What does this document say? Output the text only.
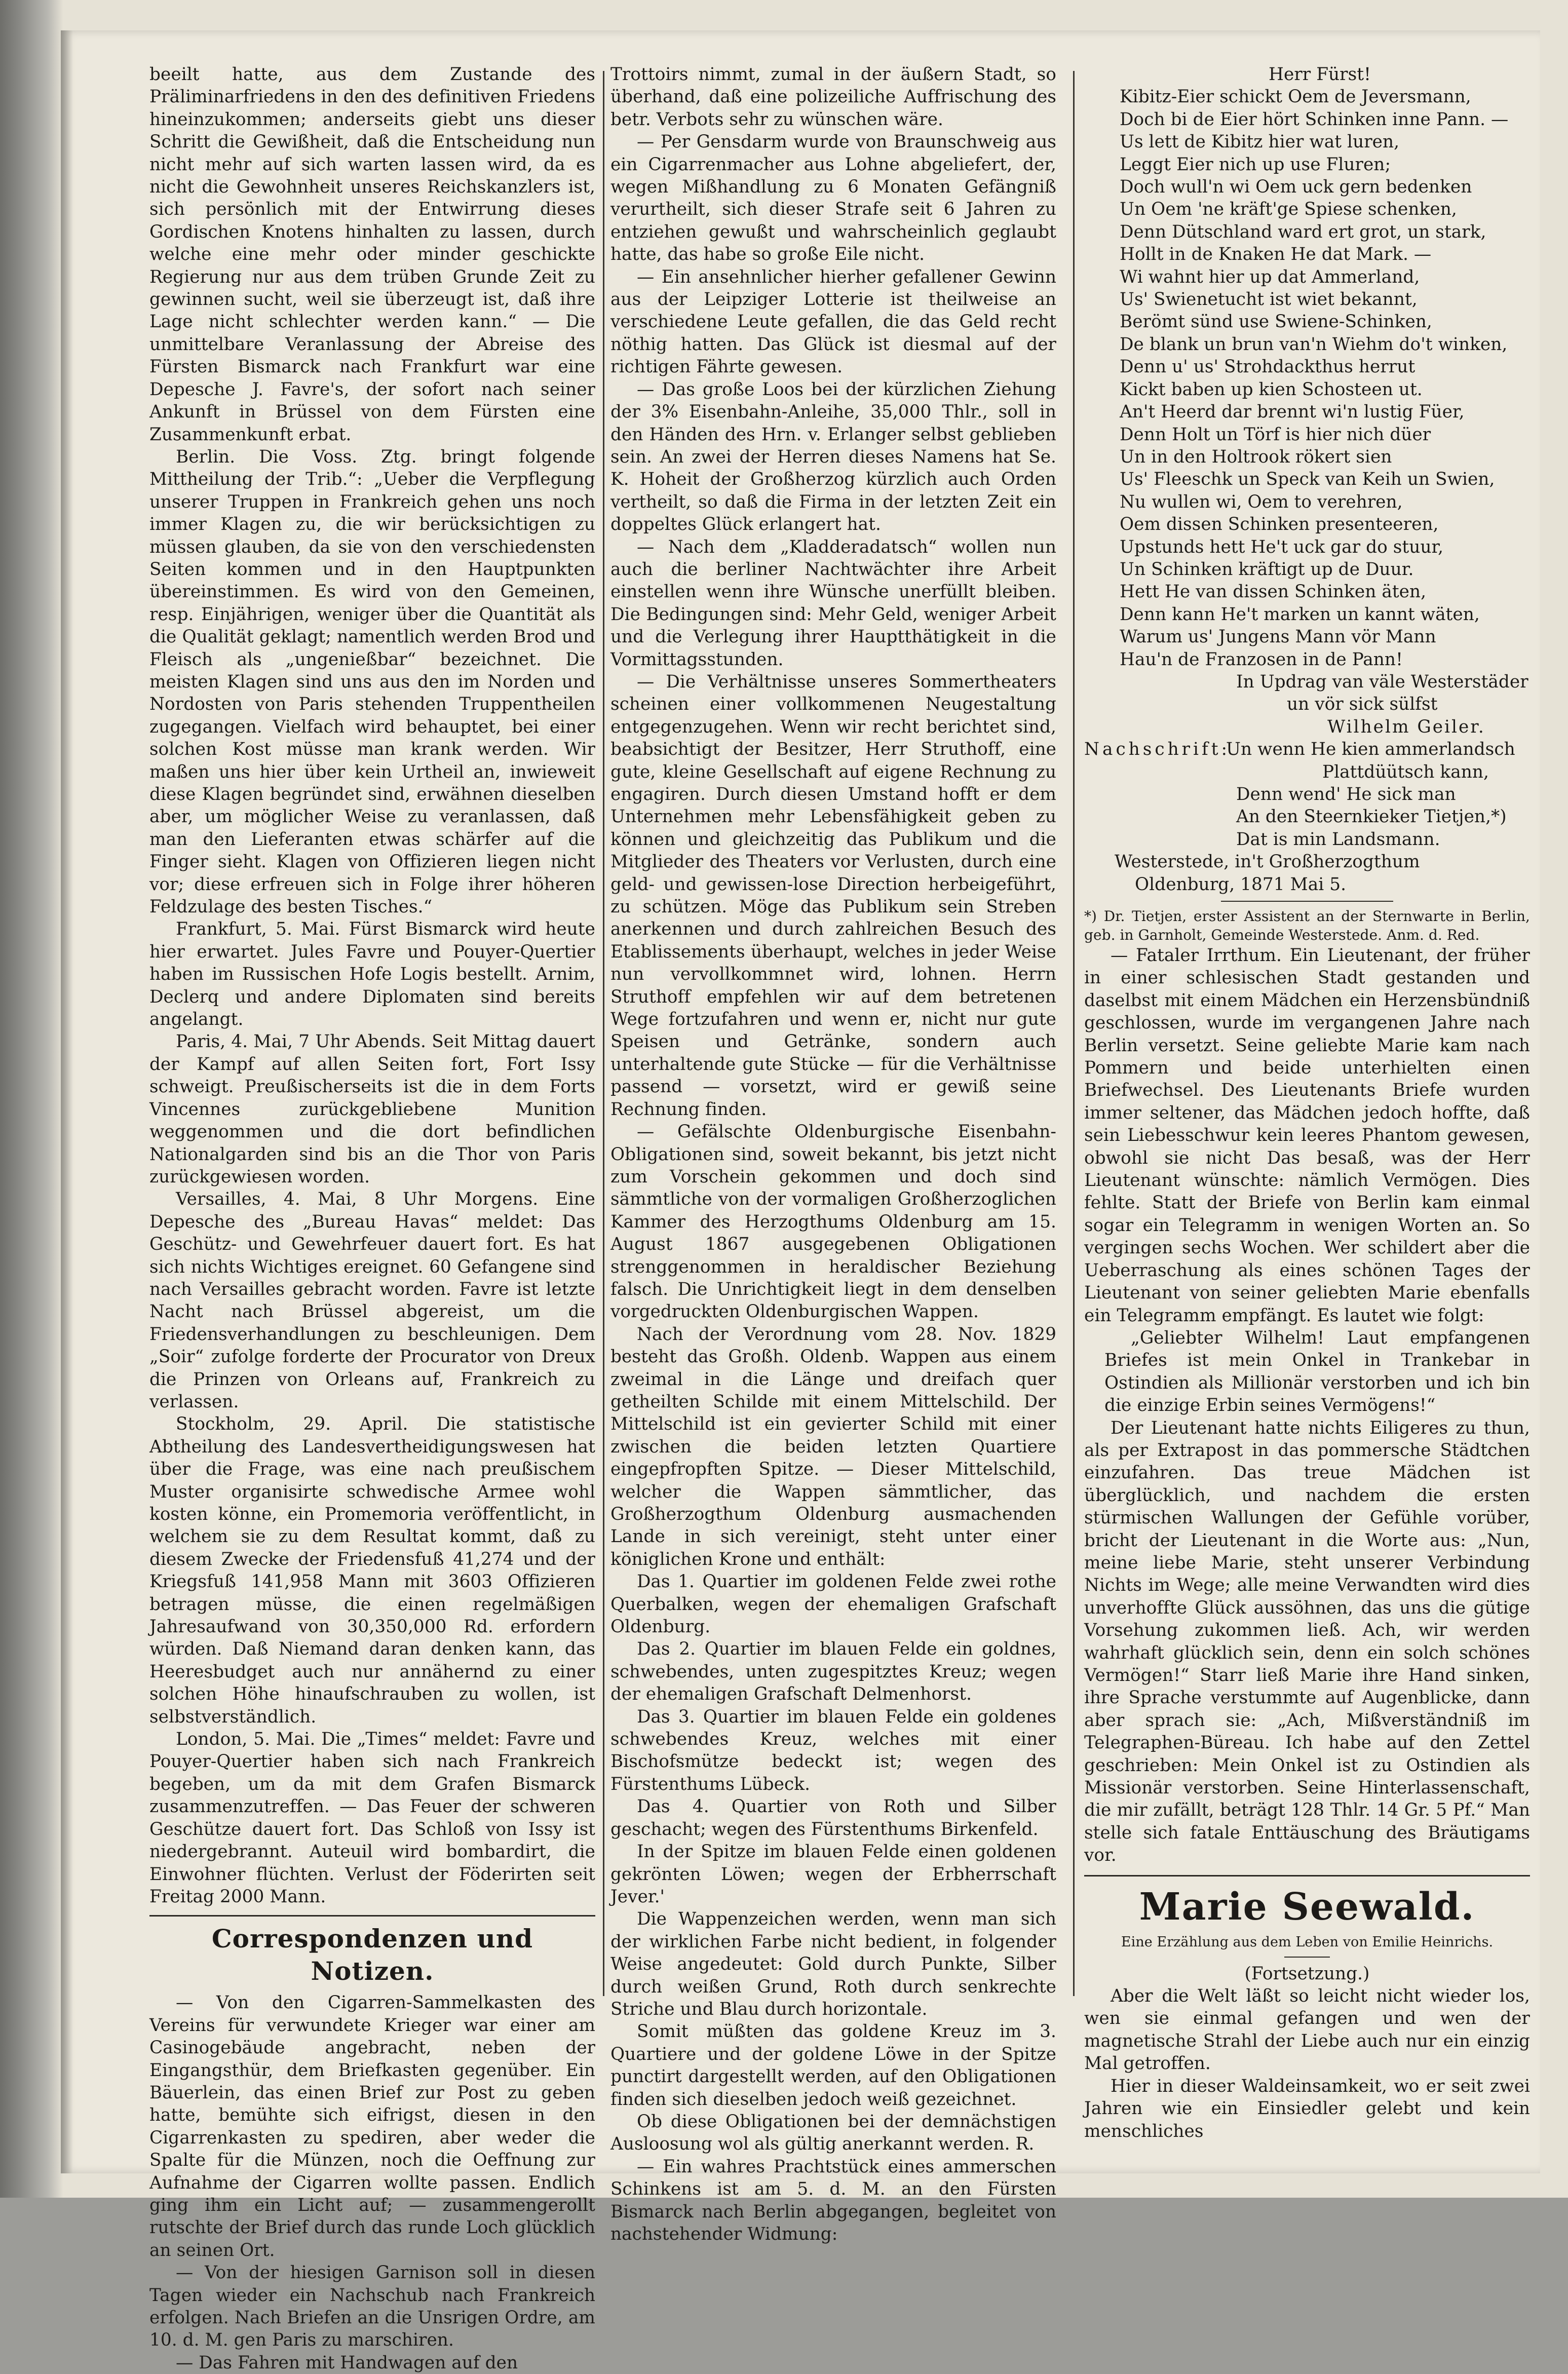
beeilt hatte, aus dem Zustande des Präliminarfriedens in den des definitiven Friedens hineinzukommen; anderseits giebt uns dieser Schritt die Gewißheit, daß die Entscheidung nun nicht mehr auf sich warten lassen wird, da es nicht die Gewohnheit unseres Reichskanzlers ist, sich persönlich mit der Entwirrung dieses Gordischen Knotens hinhalten zu lassen, durch welche eine mehr oder minder geschickte Regierung nur aus dem trüben Grunde Zeit zu gewinnen sucht, weil sie überzeugt ist, daß ihre Lage nicht schlechter werden kann.“ — Die unmittelbare Veranlassung der Abreise des Fürsten Bismarck nach Frankfurt war eine Depesche J. Favre's, der sofort nach seiner Ankunft in Brüssel von dem Fürsten eine Zusammenkunft erbat.

Berlin. Die Voss. Ztg. bringt folgende Mittheilung der Trib.“: „Ueber die Verpflegung unserer Truppen in Frankreich gehen uns noch immer Klagen zu, die wir berücksichtigen zu müssen glauben, da sie von den verschiedensten Seiten kommen und in den Hauptpunkten übereinstimmen. Es wird von den Gemeinen, resp. Einjährigen, weniger über die Quantität als die Qualität geklagt; namentlich werden Brod und Fleisch als „ungenießbar“ bezeichnet. Die meisten Klagen sind uns aus den im Norden und Nordosten von Paris stehenden Truppentheilen zugegangen. Vielfach wird behauptet, bei einer solchen Kost müsse man krank werden. Wir maßen uns hier über kein Urtheil an, inwieweit diese Klagen begründet sind, erwähnen dieselben aber, um möglicher Weise zu veranlassen, daß man den Lieferanten etwas schärfer auf die Finger sieht. Klagen von Offizieren liegen nicht vor; diese erfreuen sich in Folge ihrer höheren Feldzulage des besten Tisches.“

Frankfurt, 5. Mai. Fürst Bismarck wird heute hier erwartet. Jules Favre und Pouyer-Quertier haben im Russischen Hofe Logis bestellt. Arnim, Declerq und andere Diplomaten sind bereits angelangt.

Paris, 4. Mai, 7 Uhr Abends. Seit Mittag dauert der Kampf auf allen Seiten fort, Fort Issy schweigt. Preußischerseits ist die in dem Forts Vincennes zurückgebliebene Munition weggenommen und die dort befindlichen Nationalgarden sind bis an die Thor von Paris zurückgewiesen worden.

Versailles, 4. Mai, 8 Uhr Morgens. Eine Depesche des „Bureau Havas“ meldet: Das Geschütz- und Gewehrfeuer dauert fort. Es hat sich nichts Wichtiges ereignet. 60 Gefangene sind nach Versailles gebracht worden. Favre ist letzte Nacht nach Brüssel abgereist, um die Friedensverhandlungen zu beschleunigen. Dem „Soir“ zufolge forderte der Procurator von Dreux die Prinzen von Orleans auf, Frankreich zu verlassen.

Stockholm, 29. April. Die statistische Abtheilung des Landesvertheidigungswesen hat über die Frage, was eine nach preußischem Muster organisirte schwedische Armee wohl kosten könne, ein Promemoria veröffentlicht, in welchem sie zu dem Resultat kommt, daß zu diesem Zwecke der Friedensfuß 41,274 und der Kriegsfuß 141,958 Mann mit 3603 Offizieren betragen müsse, die einen regelmäßigen Jahresaufwand von 30,350,000 Rd. erfordern würden. Daß Niemand daran denken kann, das Heeresbudget auch nur annähernd zu einer solchen Höhe hinaufschrauben zu wollen, ist selbstverständlich.

London, 5. Mai. Die „Times“ meldet: Favre und Pouyer-Quertier haben sich nach Frankreich begeben, um da mit dem Grafen Bismarck zusammenzutreffen. — Das Feuer der schweren Geschütze dauert fort. Das Schloß von Issy ist niedergebrannt. Auteuil wird bombardirt, die Einwohner flüchten. Verlust der Föderirten seit Freitag 2000 Mann.

Correspondenzen und Notizen.

— Von den Cigarren-Sammelkasten des Vereins für verwundete Krieger war einer am Casinogebäude angebracht, neben der Eingangsthür, dem Briefkasten gegenüber. Ein Bäuerlein, das einen Brief zur Post zu geben hatte, bemühte sich eifrigst, diesen in den Cigarrenkasten zu spediren, aber weder die Spalte für die Münzen, noch die Oeffnung zur Aufnahme der Cigarren wollte passen. Endlich ging ihm ein Licht auf; — zusammengerollt rutschte der Brief durch das runde Loch glücklich an seinen Ort.

— Von der hiesigen Garnison soll in diesen Tagen wieder ein Nachschub nach Frankreich erfolgen. Nach Briefen an die Unsrigen Ordre, am 10. d. M. gen Paris zu marschiren.

— Das Fahren mit Handwagen auf den

Trottoirs nimmt, zumal in der äußern Stadt, so überhand, daß eine polizeiliche Auffrischung des betr. Verbots sehr zu wünschen wäre.

— Per Gensdarm wurde von Braunschweig aus ein Cigarrenmacher aus Lohne abgeliefert, der, wegen Mißhandlung zu 6 Monaten Gefängniß verurtheilt, sich dieser Strafe seit 6 Jahren zu entziehen gewußt und wahrscheinlich geglaubt hatte, das habe so große Eile nicht.

— Ein ansehnlicher hierher gefallener Gewinn aus der Leipziger Lotterie ist theilweise an verschiedene Leute gefallen, die das Geld recht nöthig hatten. Das Glück ist diesmal auf der richtigen Fährte gewesen.

— Das große Loos bei der kürzlichen Ziehung der 3% Eisenbahn-Anleihe, 35,000 Thlr., soll in den Händen des Hrn. v. Erlanger selbst geblieben sein. An zwei der Herren dieses Namens hat Se. K. Hoheit der Großherzog kürzlich auch Orden vertheilt, so daß die Firma in der letzten Zeit ein doppeltes Glück erlangert hat.

— Nach dem „Kladderadatsch“ wollen nun auch die berliner Nachtwächter ihre Arbeit einstellen wenn ihre Wünsche unerfüllt bleiben. Die Bedingungen sind: Mehr Geld, weniger Arbeit und die Verlegung ihrer Hauptthätigkeit in die Vormittagsstunden.

— Die Verhältnisse unseres Sommertheaters scheinen einer vollkommenen Neugestaltung entgegenzugehen. Wenn wir recht berichtet sind, beabsichtigt der Besitzer, Herr Struthoff, eine gute, kleine Gesellschaft auf eigene Rechnung zu engagiren. Durch diesen Umstand hofft er dem Unternehmen mehr Lebensfähigkeit geben zu können und gleichzeitig das Publikum und die Mitglieder des Theaters vor Verlusten, durch eine geld- und gewissen-lose Direction herbeigeführt, zu schützen. Möge das Publikum sein Streben anerkennen und durch zahlreichen Besuch des Etablissements überhaupt, welches in jeder Weise nun vervollkommnet wird, lohnen. Herrn Struthoff empfehlen wir auf dem betretenen Wege fortzufahren und wenn er, nicht nur gute Speisen und Getränke, sondern auch unterhaltende gute Stücke — für die Verhältnisse passend — vorsetzt, wird er gewiß seine Rechnung finden.

— Gefälschte Oldenburgische Eisenbahn-Obligationen sind, soweit bekannt, bis jetzt nicht zum Vorschein gekommen und doch sind sämmtliche von der vormaligen Großherzoglichen Kammer des Herzogthums Oldenburg am 15. August 1867 ausgegebenen Obligationen strenggenommen in heraldischer Beziehung falsch. Die Unrichtigkeit liegt in dem denselben vorgedruckten Oldenburgischen Wappen.

Nach der Verordnung vom 28. Nov. 1829 besteht das Großh. Oldenb. Wappen aus einem zweimal in die Länge und dreifach quer getheilten Schilde mit einem Mittelschild. Der Mittelschild ist ein gevierter Schild mit einer zwischen die beiden letzten Quartiere eingepfropften Spitze. — Dieser Mittelschild, welcher die Wappen sämmtlicher, das Großherzogthum Oldenburg ausmachenden Lande in sich vereinigt, steht unter einer königlichen Krone und enthält:

Das 1. Quartier im goldenen Felde zwei rothe Querbalken, wegen der ehemaligen Grafschaft Oldenburg.

Das 2. Quartier im blauen Felde ein goldnes, schwebendes, unten zugespitztes Kreuz; wegen der ehemaligen Grafschaft Delmenhorst.

Das 3. Quartier im blauen Felde ein goldenes schwebendes Kreuz, welches mit einer Bischofsmütze bedeckt ist; wegen des Fürstenthums Lübeck.

Das 4. Quartier von Roth und Silber geschacht; wegen des Fürstenthums Birkenfeld.

In der Spitze im blauen Felde einen goldenen gekrönten Löwen; wegen der Erbherrschaft Jever.'

Die Wappenzeichen werden, wenn man sich der wirklichen Farbe nicht bedient, in folgender Weise angedeutet: Gold durch Punkte, Silber durch weißen Grund, Roth durch senkrechte Striche und Blau durch horizontale.

Somit müßten das goldene Kreuz im 3. Quartiere und der goldene Löwe in der Spitze punctirt dargestellt werden, auf den Obligationen finden sich dieselben jedoch weiß gezeichnet.

Ob diese Obligationen bei der demnächstigen Ausloosung wol als gültig anerkannt werden. R.

— Ein wahres Prachtstück eines ammerschen Schinkens ist am 5. d. M. an den Fürsten Bismarck nach Berlin abgegangen, begleitet von nachstehender Widmung:

Herr Fürst!
Kibitz-Eier schickt Oem de Jeversmann,
Doch bi de Eier hört Schinken inne Pann. —
Us lett de Kibitz hier wat luren,
Leggt Eier nich up use Fluren;
Doch wull'n wi Oem uck gern bedenken
Un Oem 'ne kräft'ge Spiese schenken,
Denn Dütschland ward ert grot, un stark,
Hollt in de Knaken He dat Mark. —
Wi wahnt hier up dat Ammerland,
Us' Swienetucht ist wiet bekannt,
Berömt sünd use Swiene-Schinken,
De blank un brun van'n Wiehm do't winken,
Denn u' us' Strohdackthus herrut
Kickt baben up kien Schosteen ut.
An't Heerd dar brennt wi'n lustig Füer,
Denn Holt un Törf is hier nich düer
Un in den Holtrook rökert sien
Us' Fleeschk un Speck van Keih un Swien,
Nu wullen wi, Oem to verehren,
Oem dissen Schinken presenteeren,
Upstunds hett He't uck gar do stuur,
Un Schinken kräftigt up de Duur.
Hett He van dissen Schinken äten,
Denn kann He't marken un kannt wäten,
Warum us' Jungens Mann vör Mann
Hau'n de Franzosen in de Pann!
In Updrag van väle Westerstäder
un vör sick sülfst
Wilhelm Geiler.
Nachschrift:
Un wenn He kien ammerlandsch
Plattdüütsch kann,
Denn wend' He sick man
An den Steernkieker Tietjen,*)
Dat is min Landsmann.
Westerstede, in't Großherzogthum
Oldenburg, 1871 Mai 5.

*) Dr. Tietjen, erster Assistent an der Sternwarte in Berlin, geb. in Garnholt, Gemeinde Westerstede. Anm. d. Red.

— Fataler Irrthum. Ein Lieutenant, der früher in einer schlesischen Stadt gestanden und daselbst mit einem Mädchen ein Herzensbündniß geschlossen, wurde im vergangenen Jahre nach Berlin versetzt. Seine geliebte Marie kam nach Pommern und beide unterhielten einen Briefwechsel. Des Lieutenants Briefe wurden immer seltener, das Mädchen jedoch hoffte, daß sein Liebesschwur kein leeres Phantom gewesen, obwohl sie nicht Das besaß, was der Herr Lieutenant wünschte: nämlich Vermögen. Dies fehlte. Statt der Briefe von Berlin kam einmal sogar ein Telegramm in wenigen Worten an. So vergingen sechs Wochen. Wer schildert aber die Ueberraschung als eines schönen Tages der Lieutenant von seiner geliebten Marie ebenfalls ein Telegramm empfängt. Es lautet wie folgt:

„Geliebter Wilhelm! Laut empfangenen Briefes ist mein Onkel in Trankebar in Ostindien als Millionär verstorben und ich bin die einzige Erbin seines Vermögens!“

Der Lieutenant hatte nichts Eiligeres zu thun, als per Extrapost in das pommersche Städtchen einzufahren. Das treue Mädchen ist überglücklich, und nachdem die ersten stürmischen Wallungen der Gefühle vorüber, bricht der Lieutenant in die Worte aus: „Nun, meine liebe Marie, steht unserer Verbindung Nichts im Wege; alle meine Verwandten wird dies unverhoffte Glück aussöhnen, das uns die gütige Vorsehung zukommen ließ. Ach, wir werden wahrhaft glücklich sein, denn ein solch schönes Vermögen!“ Starr ließ Marie ihre Hand sinken, ihre Sprache verstummte auf Augenblicke, dann aber sprach sie: „Ach, Mißverständniß im Telegraphen-Büreau. Ich habe auf den Zettel geschrieben: Mein Onkel ist zu Ostindien als Missionär verstorben. Seine Hinterlassenschaft, die mir zufällt, beträgt 128 Thlr. 14 Gr. 5 Pf.“ Man stelle sich fatale Enttäuschung des Bräutigams vor.

Marie Seewald.
Eine Erzählung aus dem Leben von Emilie Heinrichs.
(Fortsetzung.)

Aber die Welt läßt so leicht nicht wieder los, wen sie einmal gefangen und wen der magnetische Strahl der Liebe auch nur ein einzig Mal getroffen.

Hier in dieser Waldeinsamkeit, wo er seit zwei Jahren wie ein Einsiedler gelebt und kein menschliches
